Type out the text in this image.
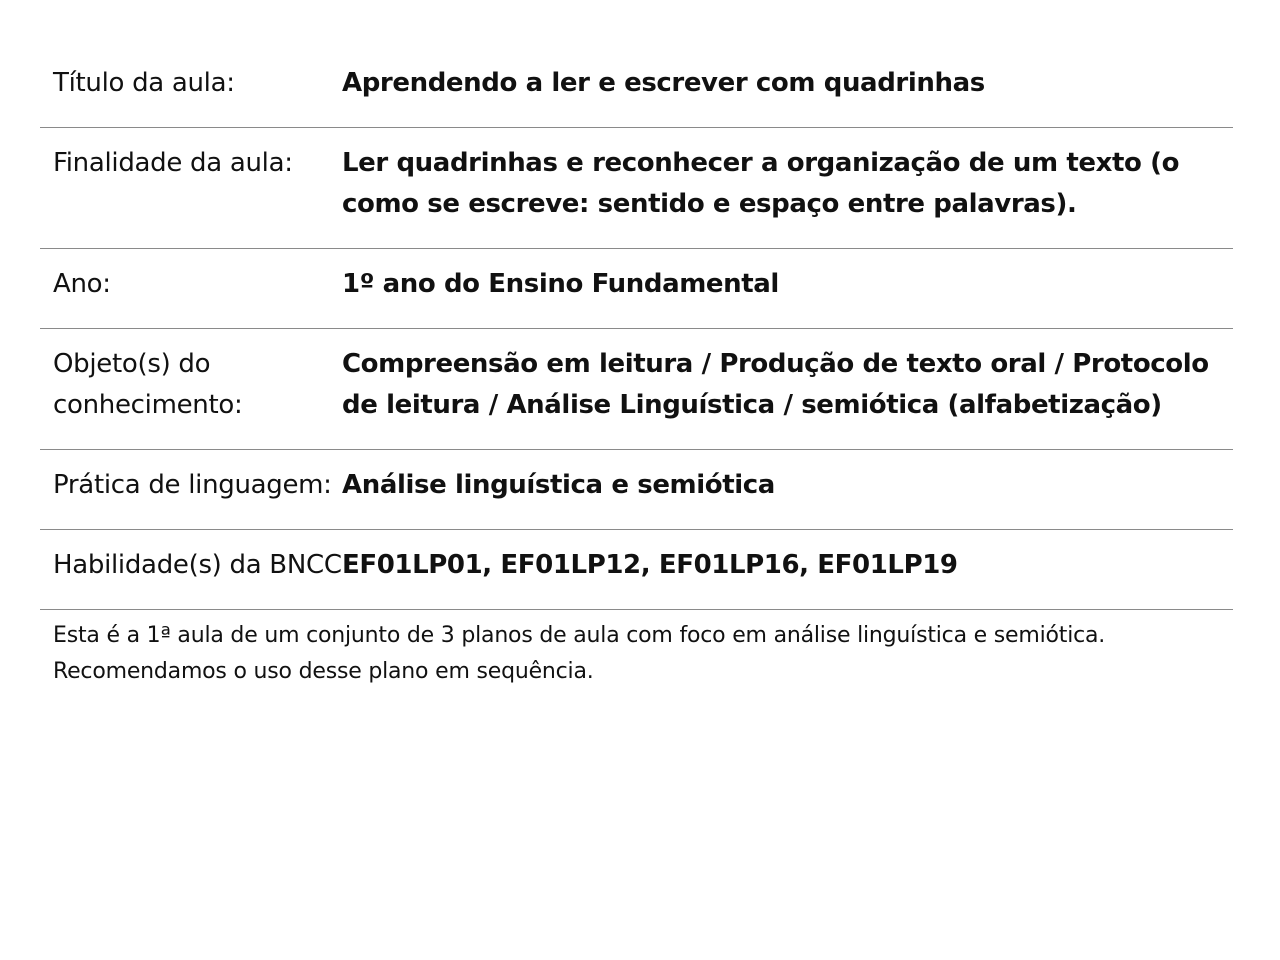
Título da aula:	Aprendendo a ler e escrever com quadrinhas
Finalidade da aula:	Ler quadrinhas e reconhecer a organização de um texto (o como se escreve: sentido e espaço entre palavras).
Ano:	1º ano do Ensino Fundamental
Objeto(s) do conhecimento:	Compreensão em leitura / Produção de texto oral / Protocolo de leitura / Análise Linguística / semiótica (alfabetização)
Prática de linguagem:	Análise linguística e semiótica
Habilidade(s) da BNCC	EF01LP01, EF01LP12, EF01LP16, EF01LP19
Esta é a 1ª aula de um conjunto de 3 planos de aula com foco em análise linguística e semiótica.
Recomendamos o uso desse plano em sequência.
